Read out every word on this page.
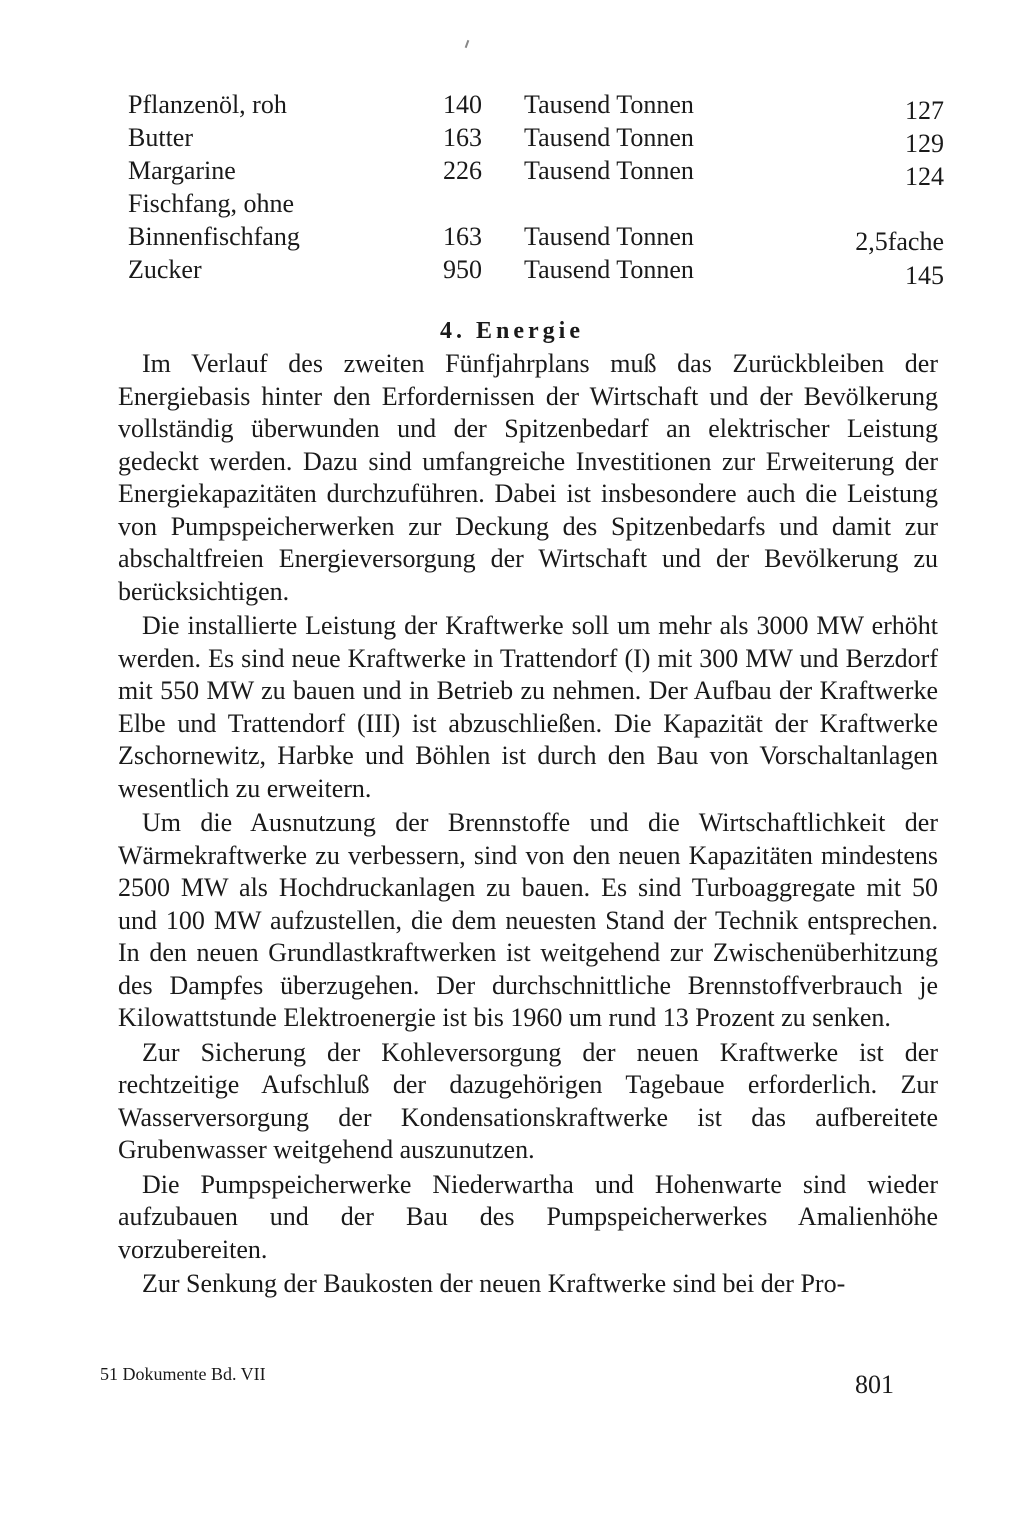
Pflanzenöl, roh	140 Tausend Tonnen	127
Butter	163 Tausend Tonnen	129
Margarine	226 Tausend Tonnen	124
Fischfang, ohne
Binnenfischfang	163 Tausend Tonnen	2,5fache
Zucker	950 Tausend Tonnen	145
4. Energie

Im Verlauf des zweiten Fünfjahrplans muß das Zurückbleiben der Energiebasis hinter den Erfordernissen der Wirtschaft und der Bevölkerung vollständig überwunden und der Spitzenbedarf an elektrischer Leistung gedeckt werden. Dazu sind umfangreiche Investitionen zur Erweiterung der Energiekapazitäten durchzuführen. Dabei ist insbesondere auch die Leistung von Pumpspeicherwerken zur Deckung des Spitzenbedarfs und damit zur abschaltfreien Energieversorgung der Wirtschaft und der Bevölkerung zu berücksichtigen.

Die installierte Leistung der Kraftwerke soll um mehr als 3000 MW erhöht werden. Es sind neue Kraftwerke in Trattendorf (I) mit 300 MW und Berzdorf mit 550 MW zu bauen und in Betrieb zu nehmen. Der Aufbau der Kraftwerke Elbe und Trattendorf (III) ist abzuschließen. Die Kapazität der Kraftwerke Zschornewitz, Harbke und Böhlen ist durch den Bau von Vorschaltanlagen wesentlich zu erweitern.

Um die Ausnutzung der Brennstoffe und die Wirtschaftlichkeit der Wärmekraftwerke zu verbessern, sind von den neuen Kapazitäten mindestens 2500 MW als Hochdruckanlagen zu bauen. Es sind Turboaggregate mit 50 und 100 MW aufzustellen, die dem neuesten Stand der Technik entsprechen. In den neuen Grundlastkraftwerken ist weitgehend zur Zwischenüberhitzung des Dampfes überzugehen. Der durchschnittliche Brennstoffverbrauch je Kilowattstunde Elektroenergie ist bis 1960 um rund 13 Prozent zu senken.

Zur Sicherung der Kohleversorgung der neuen Kraftwerke ist der rechtzeitige Aufschluß der dazugehörigen Tagebaue erforderlich. Zur Wasserversorgung der Kondensationskraftwerke ist das aufbereitete Grubenwasser weitgehend auszunutzen.

Die Pumpspeicherwerke Niederwartha und Hohenwarte sind wieder aufzubauen und der Bau des Pumpspeicherwerkes Amalienhöhe vorzubereiten.

Zur Senkung der Baukosten der neuen Kraftwerke sind bei der Pro-

51 Dokumente Bd. VII	801
